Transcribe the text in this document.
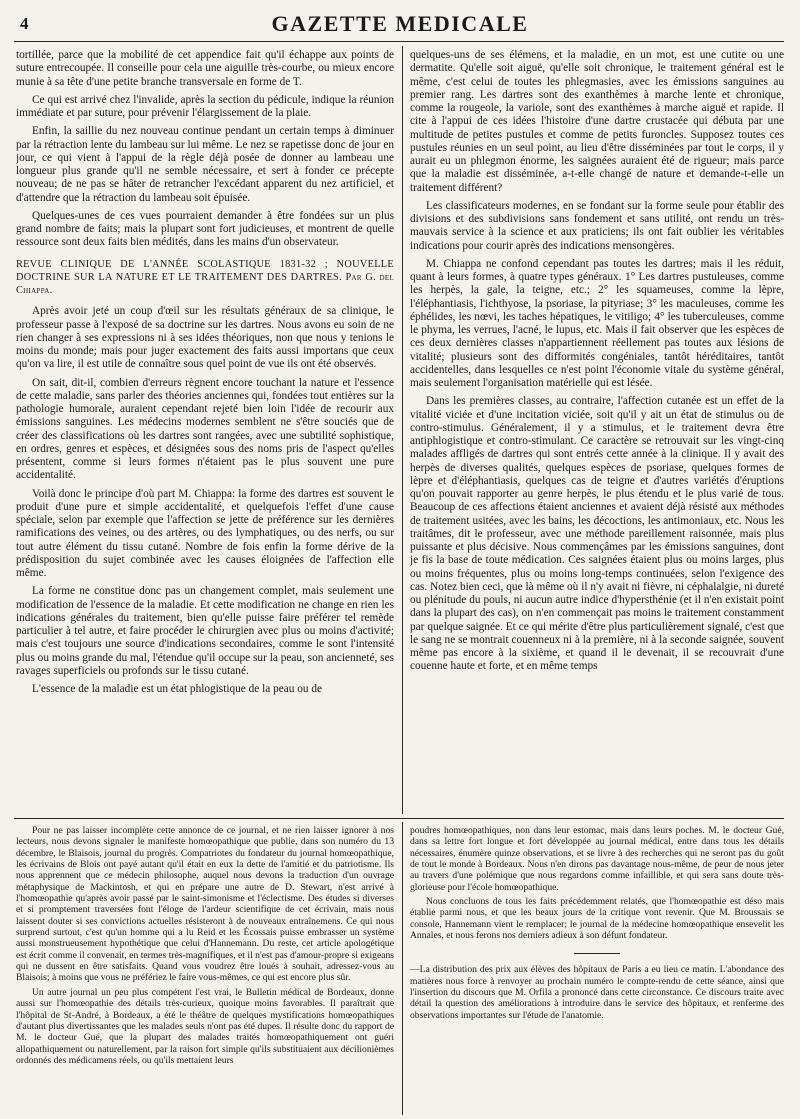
4	GAZETTE MEDICALE

tortillée, parce que la mobilité de cet appendice fait qu'il échappe aux points de suture entrecoupée. Il conseille pour cela une aiguille très-courbe, ou mieux encore munie à sa tête d'une petite branche transversale en forme de T.

Ce qui est arrivé chez l'invalide, après la section du pédicule, indique la réunion immédiate et par suture, pour prévenir l'élargissement de la plaie.

Enfin, la saillie du nez nouveau continue pendant un certain temps à diminuer par la rétraction lente du lambeau sur lui même. Le nez se rapetisse donc de jour en jour, ce qui vient à l'appui de la règle déjà posée de donner au lambeau une longueur plus grande qu'il ne semble nécessaire, et sert à fonder ce précepte nouveau; de ne pas se hâter de retrancher l'excédant apparent du nez artificiel, et d'attendre que la rétraction du lambeau soit épuisée.

Quelques-unes de ces vues pourraient demander à être fondées sur un plus grand nombre de faits; mais la plupart sont fort judicieuses, et montrent de quelle ressource sont deux faits bien médités, dans les mains d'un observateur.

REVUE CLINIQUE DE L'ANNÉE SCOLASTIQUE 1831-32 ; NOUVELLE DOCTRINE SUR LA NATURE ET LE TRAITEMENT DES DARTRES. Par G. del Chiappa.

Après avoir jeté un coup d'œil sur les résultats généraux de sa clinique, le professeur passe à l'exposé de sa doctrine sur les dartres. Nous avons eu soin de ne rien changer à ses expressions ni à ses idées théoriques, non que nous y tenions le moins du monde; mais pour juger exactement des faits aussi importans que ceux qu'on va lire, il est utile de connaître sous quel point de vue ils ont été observés.

On sait, dit-il, combien d'erreurs règnent encore touchant la nature et l'essence de cette maladie, sans parler des théories anciennes qui, fondées tout entières sur la pathologie humorale, auraient cependant rejeté bien loin l'idée de recourir aux émissions sanguines. Les médecins modernes semblent ne s'être souciés que de créer des classifications où les dartres sont rangées, avec une subtilité sophistique, en ordres, genres et espèces, et désignées sous des noms pris de l'aspect qu'elles présentent, comme si leurs formes n'étaient pas le plus souvent une pure accidentalité.

Voilà donc le principe d'où part M. Chiappa: la forme des dartres est souvent le produit d'une pure et simple accidentalité, et quelquefois l'effet d'une cause spéciale, selon par exemple que l'affection se jette de préférence sur les dernières ramifications des veines, ou des artères, ou des lymphatiques, ou des nerfs, ou sur tout autre élément du tissu cutané. Nombre de fois enfin la forme dérive de la prédisposition du sujet combinée avec les causes éloignées de l'affection elle même.

La forme ne constitue donc pas un changement complet, mais seulement une modification de l'essence de la maladie. Et cette modification ne change en rien les indications générales du traitement, bien qu'elle puisse faire préférer tel remède particulier à tel autre, et faire procéder le chirurgien avec plus ou moins d'activité; mais c'est toujours une source d'indications secondaires, comme le sont l'intensité plus ou moins grande du mal, l'étendue qu'il occupe sur la peau, son ancienneté, ses ravages superficiels ou profonds sur le tissu cutané.

L'essence de la maladie est un état phlogistique de la peau ou de

quelques-uns de ses élémens, et la maladie, en un mot, est une cutite ou une dermatite. Qu'elle soit aiguë, qu'elle soit chronique, le traitement général est le même, c'est celui de toutes les phlegmasies, avec les émissions sanguines au premier rang. Les dartres sont des exanthèmes à marche lente et chronique, comme la rougeole, la variole, sont des exanthèmes à marche aiguë et rapide. Il cite à l'appui de ces idées l'histoire d'une dartre crustacée qui débuta par une multitude de petites pustules et comme de petits furoncles. Supposez toutes ces pustules réunies en un seul point, au lieu d'être disséminées par tout le corps, il y aurait eu un phlegmon énorme, les saignées auraient été de rigueur; mais parce que la maladie est disséminée, a-t-elle changé de nature et demande-t-elle un traitement différent?

Les classificateurs modernes, en se fondant sur la forme seule pour établir des divisions et des subdivisions sans fondement et sans utilité, ont rendu un très-mauvais service à la science et aux praticiens; ils ont fait oublier les véritables indications pour courir après des indications mensongères.

M. Chiappa ne confond cependant pas toutes les dartres; mais il les réduit, quant à leurs formes, à quatre types généraux. 1° Les dartres pustuleuses, comme les herpès, la gale, la teigne, etc.; 2° les squameuses, comme la lèpre, l'éléphantiasis, l'ichthyose, la psoriase, la pityriase; 3° les maculeuses, comme les éphélides, les nœvi, les taches hépatiques, le vitiligo; 4° les tuberculeuses, comme le phyma, les verrues, l'acné, le lupus, etc. Mais il fait observer que les espèces de ces deux dernières classes n'appartiennent réellement pas toutes aux lésions de vitalité; plusieurs sont des difformités congéniales, tantôt héréditaires, tantôt accidentelles, dans lesquelles ce n'est point l'économie vitale du système général, mais seulement l'organisation matérielle qui est lésée.

Dans les premières classes, au contraire, l'affection cutanée est un effet de la vitalité viciée et d'une incitation viciée, soit qu'il y ait un état de stimulus ou de contro-stimulus. Généralement, il y a stimulus, et le traitement devra être antiphlogistique et contro-stimulant. Ce caractère se retrouvait sur les vingt-cinq malades affligés de dartres qui sont entrés cette année à la clinique. Il y avait des herpès de diverses qualités, quelques espèces de psoriase, quelques formes de lèpre et d'éléphantiasis, quelques cas de teigne et d'autres variétés d'éruptions qu'on pouvait rapporter au genre herpès, le plus étendu et le plus varié de tous. Beaucoup de ces affections étaient anciennes et avaient déjà résisté aux méthodes de traitement usitées, avec les bains, les décoctions, les antimoniaux, etc. Nous les traitâmes, dit le professeur, avec une méthode pareillement raisonnée, mais plus puissante et plus décisive. Nous commençâmes par les émissions sanguines, dont je fis la base de toute médication. Ces saignées étaient plus ou moins larges, plus ou moins fréquentes, plus ou moins long-temps continuées, selon l'exigence des cas. Notez bien ceci, que là même où il n'y avait ni fièvre, ni céphalalgie, ni dureté ou plénitude du pouls, ni aucun autre indice d'hypersthénie (et il n'en existait point dans la plupart des cas), on n'en commençait pas moins le traitement constamment par quelque saignée. Et ce qui mérite d'être plus particulièrement signalé, c'est que le sang ne se montrait couenneux ni à la première, ni à la seconde saignée, souvent même pas encore à la sixième, et quand il le devenait, il se recouvrait d'une couenne haute et forte, et en même temps

Pour ne pas laisser incomplète cette annonce de ce journal, et ne rien laisser ignorer à nos lecteurs, nous devons signaler le manifeste homœopathique que publie, dans son numéro du 13 décembre, le Blaisois, journal du progrès. Compatriotes du fondateur du journal homœopathique, les écrivains de Blois ont payé autant qu'il était en eux la dette de l'amitié et du patriotisme. Ils nous apprennent que ce médecin philosophe, auquel nous devons la traduction d'un ouvrage métaphysique de Mackintosh, et qui en prépare une autre de D. Stewart, n'est arrivé à l'homœopathie qu'après avoir passé par le saint-simonisme et l'éclectisme. Des études si diverses et si promptement traversées font l'éloge de l'ardeur scientifique de cet écrivain, mais nous laissent douter si ses convictions actuelles résisteront à de nouveaux entraînemens. Ce qui nous surprend surtout, c'est qu'un homme qui a lu Reid et les Écossais puisse embrasser un système aussi monstrueusement hypothétique que celui d'Hannemann. Du reste, cet article apologétique est écrit comme il convenait, en termes très-magnifiques, et il n'est pas d'amour-propre si exigeans qui ne dussent en être satisfaits. Quand vous voudrez être loués à souhait, adressez-vous au Blaisois; à moins que vous ne préfériez le faire vous-mêmes, ce qui est encore plus sûr.

Un autre journal un peu plus compétent l'est vrai, le Bulletin médical de Bordeaux, donne aussi sur l'homœopathie des détails très-curieux, quoique moins favorables. Il paraîtrait que l'hôpital de St-André, à Bordeaux, a été le théâtre de quelques mystifications homœopathiques d'autant plus divertissantes que les malades seuls n'ont pas été dupes. Il résulte donc du rapport de M. le docteur Gué, que la plupart des malades traités homœopathiquement ont guéri allopathiquement ou naturellement, par la raison fort simple qu'ils substituaient aux décilionièmes ordonnés des médicamens réels, ou qu'ils mettaient leurs

poudres homœopathiques, non dans leur estomac, mais dans leurs poches. M. le docteur Gué, dans sa lettre fort longue et fort développée au journal médical, entre dans tous les détails nécessaires, énumère quinze observations, et se livre à des recherches qui ne seront pas du goût de tout le monde à Bordeaux. Nous n'en dirons pas davantage nous-même, de peur de nous jeter au travers d'une polémique que nous regardons comme infaillible, et qui sera sans doute très-glorieuse pour l'école homœopathique.

Nous concluons de tous les faits précédemment relatés, que l'homœopathie est déso mais établie parmi nous, et que les beaux jours de la critique vont revenir. Que M. Broussais se console, Hannemann vient le remplacer; le journal de la médecine homœopathique ensevelit les Annales, et nous ferons nos derniers adieux à son défunt fondateur.

—La distribution des prix aux élèves des hôpitaux de Paris a eu lieu ce matin. L'abondance des matières nous force à renvoyer au prochain numéro le compte-rendu de cette séance, ainsi que l'insertion du discours que M. Orfila a prononcé dans cette circonstance. Ce discours traite avec détail la question des améliorations à introduire dans le service des hôpitaux, et renferme des observations importantes sur l'étude de l'anatomie.
